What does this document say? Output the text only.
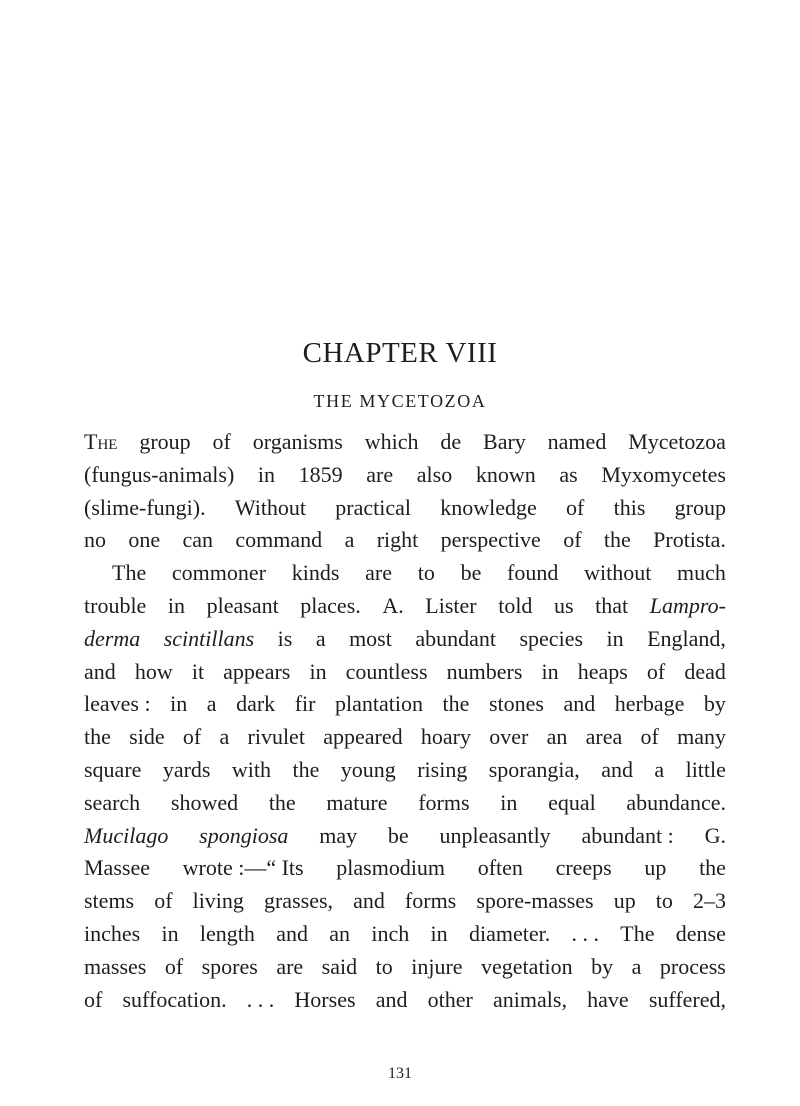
CHAPTER VIII
THE MYCETOZOA
The group of organisms which de Bary named Mycetozoa
(fungus-animals) in 1859 are also known as Myxomycetes
(slime-fungi). Without practical knowledge of this group
no one can command a right perspective of the Protista.
The commoner kinds are to be found without much
trouble in pleasant places. A. Lister told us that Lampro-
derma scintillans is a most abundant species in England,
and how it appears in countless numbers in heaps of dead
leaves : in a dark fir plantation the stones and herbage by
the side of a rivulet appeared hoary over an area of many
square yards with the young rising sporangia, and a little
search showed the mature forms in equal abundance.
Mucilago spongiosa may be unpleasantly abundant : G.
Massee wrote :—“ Its plasmodium often creeps up the
stems of living grasses, and forms spore-masses up to 2–3
inches in length and an inch in diameter. . . . The dense
masses of spores are said to injure vegetation by a process
of suffocation. . . . Horses and other animals, have suffered,
131
